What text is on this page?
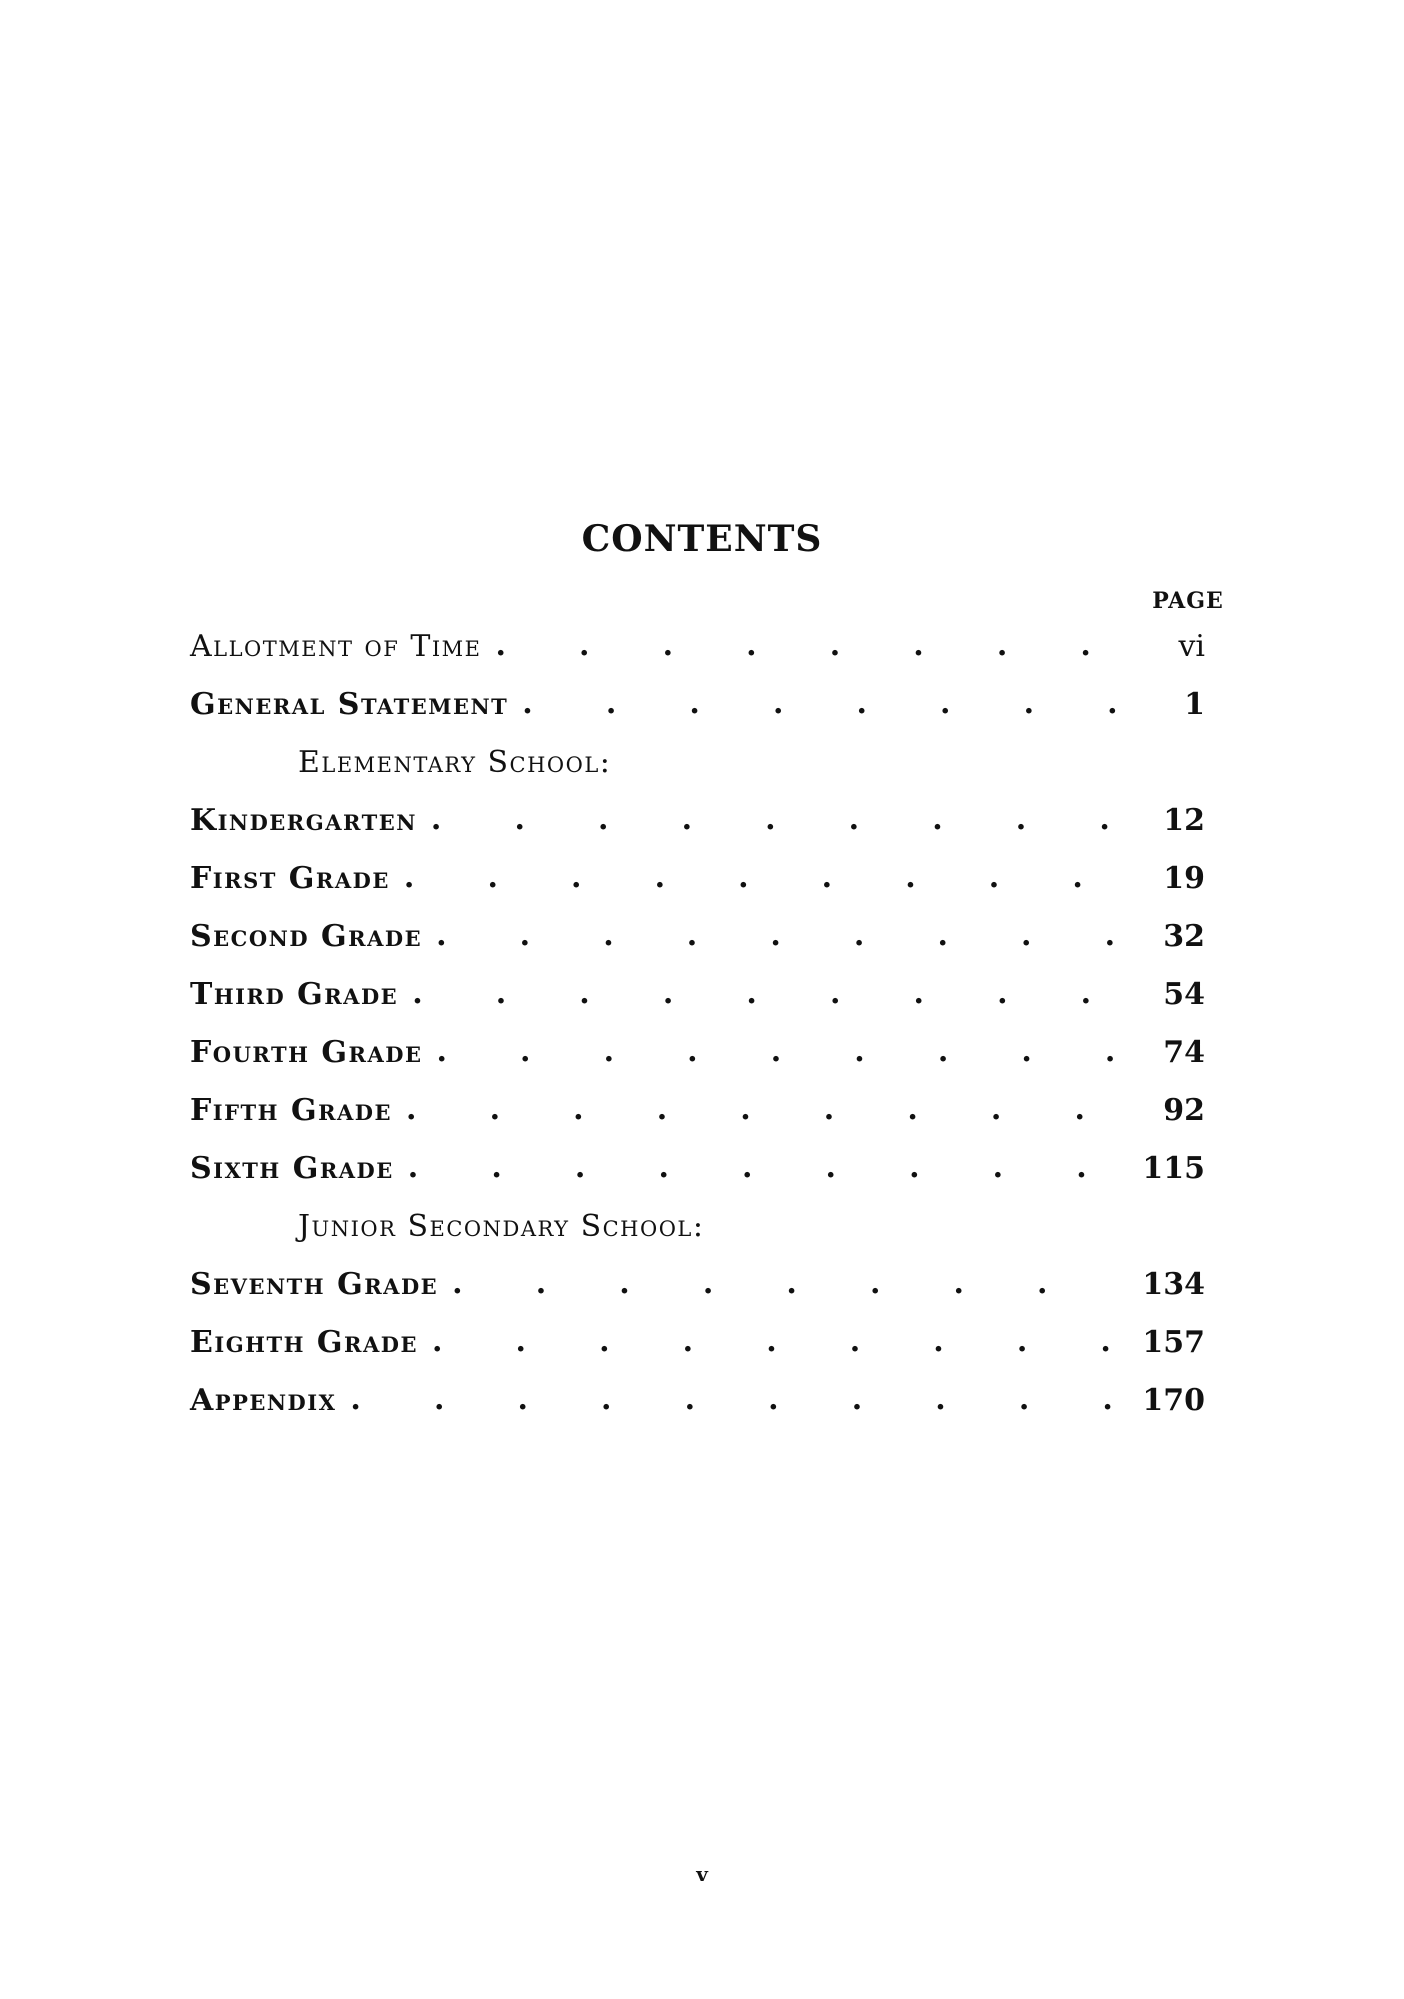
CONTENTS
PAGE
Allotment of Time .	vi
General Statement .	1
Elementary School:
Kindergarten .	12
First Grade .	19
Second Grade .	32
Third Grade .	54
Fourth Grade .	74
Fifth Grade .	92
Sixth Grade .	115
Junior Secondary School:
Seventh Grade .	134
Eighth Grade .	157
Appendix .	170
v
